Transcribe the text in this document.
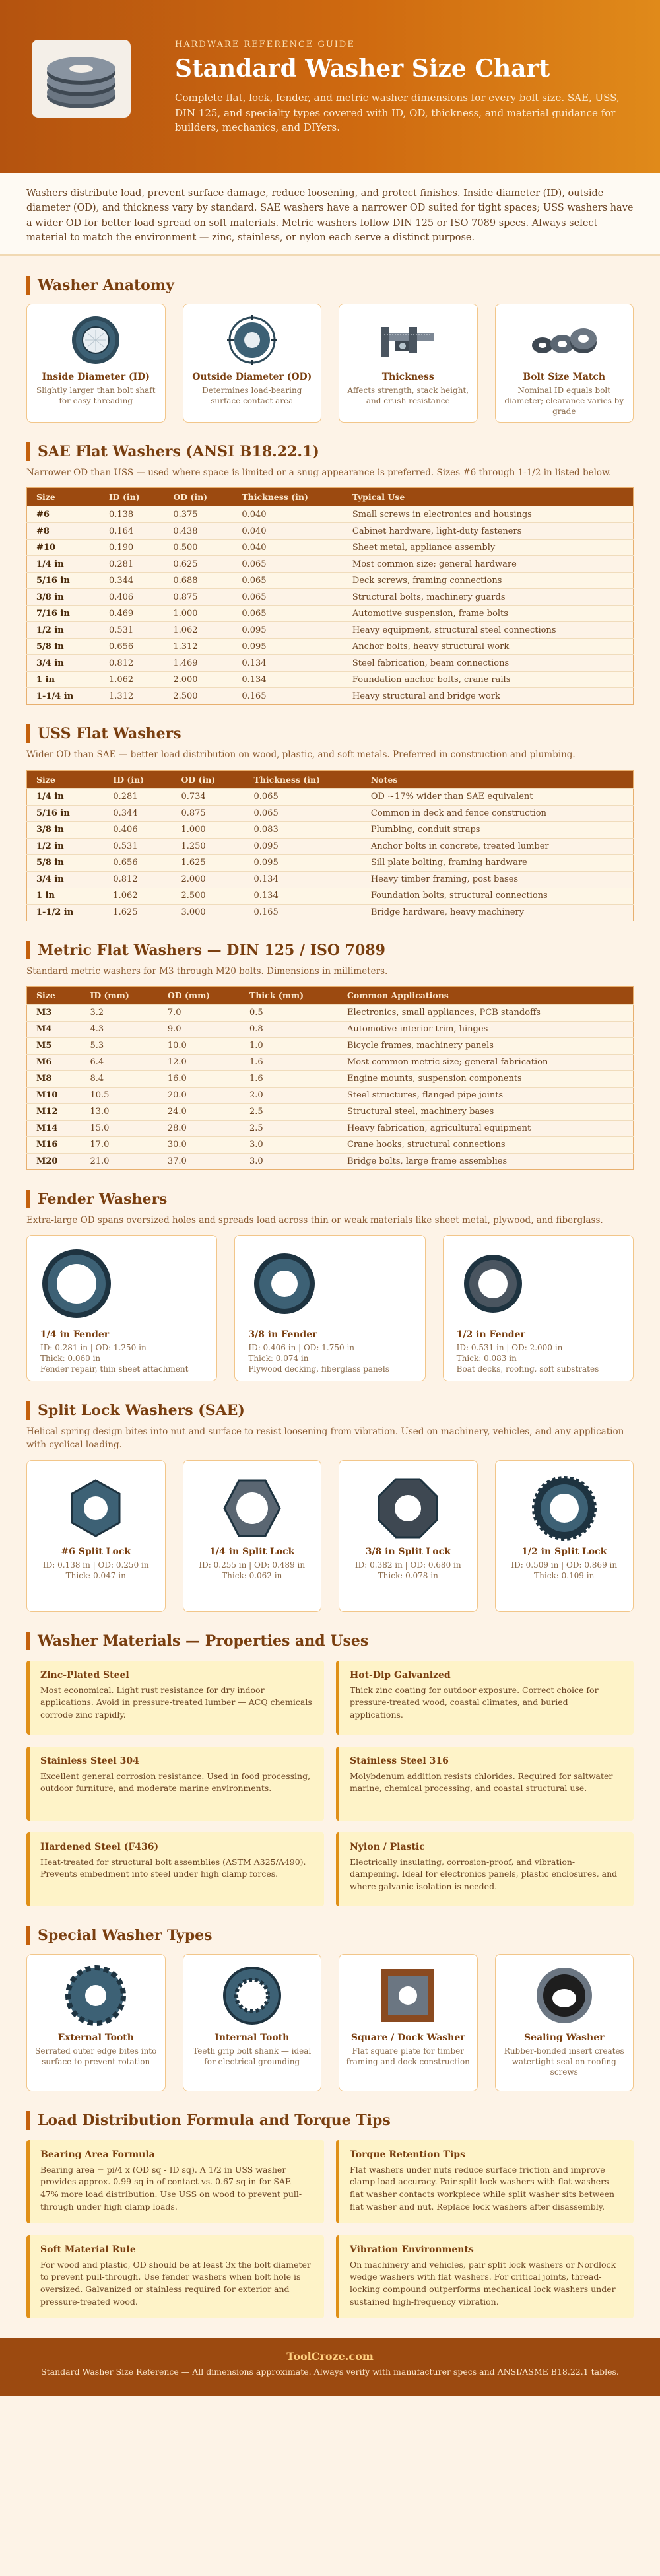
HARDWARE REFERENCE GUIDE
Standard Washer Size Chart
Complete flat, lock, fender, and metric washer dimensions for every bolt size. SAE, USS, DIN 125, and specialty types covered with ID, OD, thickness, and material guidance for builders, mechanics, and DIYers.
Washers distribute load, prevent surface damage, reduce loosening, and protect finishes. Inside diameter (ID), outside diameter (OD), and thickness vary by standard. SAE washers have a narrower OD suited for tight spaces; USS washers have a wider OD for better load spread on soft materials. Metric washers follow DIN 125 or ISO 7089 specs. Always select material to match the environment — zinc, stainless, or nylon each serve a distinct purpose.
Washer Anatomy
Inside Diameter (ID)
Slightly larger than bolt shaft for easy threading
Outside Diameter (OD)
Determines load-bearing surface contact area
Thickness
Affects strength, stack height, and crush resistance
Bolt Size Match
Nominal ID equals bolt diameter; clearance varies by grade
SAE Flat Washers (ANSI B18.22.1)
Narrower OD than USS — used where space is limited or a snug appearance is preferred. Sizes #6 through 1-1/2 in listed below.
Size	ID (in)	OD (in)	Thickness (in)	Typical Use
#6	0.138	0.375	0.040	Small screws in electronics and housings
#8	0.164	0.438	0.040	Cabinet hardware, light-duty fasteners
#10	0.190	0.500	0.040	Sheet metal, appliance assembly
1/4 in	0.281	0.625	0.065	Most common size; general hardware
5/16 in	0.344	0.688	0.065	Deck screws, framing connections
3/8 in	0.406	0.875	0.065	Structural bolts, machinery guards
7/16 in	0.469	1.000	0.065	Automotive suspension, frame bolts
1/2 in	0.531	1.062	0.095	Heavy equipment, structural steel connections
5/8 in	0.656	1.312	0.095	Anchor bolts, heavy structural work
3/4 in	0.812	1.469	0.134	Steel fabrication, beam connections
1 in	1.062	2.000	0.134	Foundation anchor bolts, crane rails
1-1/4 in	1.312	2.500	0.165	Heavy structural and bridge work
USS Flat Washers
Wider OD than SAE — better load distribution on wood, plastic, and soft metals. Preferred in construction and plumbing.
Size	ID (in)	OD (in)	Thickness (in)	Notes
1/4 in	0.281	0.734	0.065	OD ~17% wider than SAE equivalent
5/16 in	0.344	0.875	0.065	Common in deck and fence construction
3/8 in	0.406	1.000	0.083	Plumbing, conduit straps
1/2 in	0.531	1.250	0.095	Anchor bolts in concrete, treated lumber
5/8 in	0.656	1.625	0.095	Sill plate bolting, framing hardware
3/4 in	0.812	2.000	0.134	Heavy timber framing, post bases
1 in	1.062	2.500	0.134	Foundation bolts, structural connections
1-1/2 in	1.625	3.000	0.165	Bridge hardware, heavy machinery
Metric Flat Washers — DIN 125 / ISO 7089
Standard metric washers for M3 through M20 bolts. Dimensions in millimeters.
Size	ID (mm)	OD (mm)	Thick (mm)	Common Applications
M3	3.2	7.0	0.5	Electronics, small appliances, PCB standoffs
M4	4.3	9.0	0.8	Automotive interior trim, hinges
M5	5.3	10.0	1.0	Bicycle frames, machinery panels
M6	6.4	12.0	1.6	Most common metric size; general fabrication
M8	8.4	16.0	1.6	Engine mounts, suspension components
M10	10.5	20.0	2.0	Steel structures, flanged pipe joints
M12	13.0	24.0	2.5	Structural steel, machinery bases
M14	15.0	28.0	2.5	Heavy fabrication, agricultural equipment
M16	17.0	30.0	3.0	Crane hooks, structural connections
M20	21.0	37.0	3.0	Bridge bolts, large frame assemblies
Fender Washers
Extra-large OD spans oversized holes and spreads load across thin or weak materials like sheet metal, plywood, and fiberglass.
1/4 in Fender
ID: 0.281 in | OD: 1.250 in
Thick: 0.060 in
Fender repair, thin sheet attachment
3/8 in Fender
ID: 0.406 in | OD: 1.750 in
Thick: 0.074 in
Plywood decking, fiberglass panels
1/2 in Fender
ID: 0.531 in | OD: 2.000 in
Thick: 0.083 in
Boat decks, roofing, soft substrates
Split Lock Washers (SAE)
Helical spring design bites into nut and surface to resist loosening from vibration. Used on machinery, vehicles, and any application with cyclical loading.
#6 Split Lock
ID: 0.138 in | OD: 0.250 in
Thick: 0.047 in
1/4 in Split Lock
ID: 0.255 in | OD: 0.489 in
Thick: 0.062 in
3/8 in Split Lock
ID: 0.382 in | OD: 0.680 in
Thick: 0.078 in
1/2 in Split Lock
ID: 0.509 in | OD: 0.869 in
Thick: 0.109 in
Washer Materials — Properties and Uses
Zinc-Plated Steel
Most economical. Light rust resistance for dry indoor applications. Avoid in pressure-treated lumber — ACQ chemicals corrode zinc rapidly.
Hot-Dip Galvanized
Thick zinc coating for outdoor exposure. Correct choice for pressure-treated wood, coastal climates, and buried applications.
Stainless Steel 304
Excellent general corrosion resistance. Used in food processing, outdoor furniture, and moderate marine environments.
Stainless Steel 316
Molybdenum addition resists chlorides. Required for saltwater marine, chemical processing, and coastal structural use.
Hardened Steel (F436)
Heat-treated for structural bolt assemblies (ASTM A325/A490). Prevents embedment into steel under high clamp forces.
Nylon / Plastic
Electrically insulating, corrosion-proof, and vibration-dampening. Ideal for electronics panels, plastic enclosures, and where galvanic isolation is needed.
Special Washer Types
External Tooth
Serrated outer edge bites into surface to prevent rotation
Internal Tooth
Teeth grip bolt shank — ideal for electrical grounding
Square / Dock Washer
Flat square plate for timber framing and dock construction
Sealing Washer
Rubber-bonded insert creates watertight seal on roofing screws
Load Distribution Formula and Torque Tips
Bearing Area Formula
Bearing area = pi/4 x (OD sq - ID sq). A 1/2 in USS washer provides approx. 0.99 sq in of contact vs. 0.67 sq in for SAE — 47% more load distribution. Use USS on wood to prevent pull-through under high clamp loads.
Torque Retention Tips
Flat washers under nuts reduce surface friction and improve clamp load accuracy. Pair split lock washers with flat washers — flat washer contacts workpiece while split washer sits between flat washer and nut. Replace lock washers after disassembly.
Soft Material Rule
For wood and plastic, OD should be at least 3x the bolt diameter to prevent pull-through. Use fender washers when bolt hole is oversized. Galvanized or stainless required for exterior and pressure-treated wood.
Vibration Environments
On machinery and vehicles, pair split lock washers or Nordlock wedge washers with flat washers. For critical joints, thread-locking compound outperforms mechanical lock washers under sustained high-frequency vibration.
ToolCroze.com
Standard Washer Size Reference — All dimensions approximate. Always verify with manufacturer specs and ANSI/ASME B18.22.1 tables.
